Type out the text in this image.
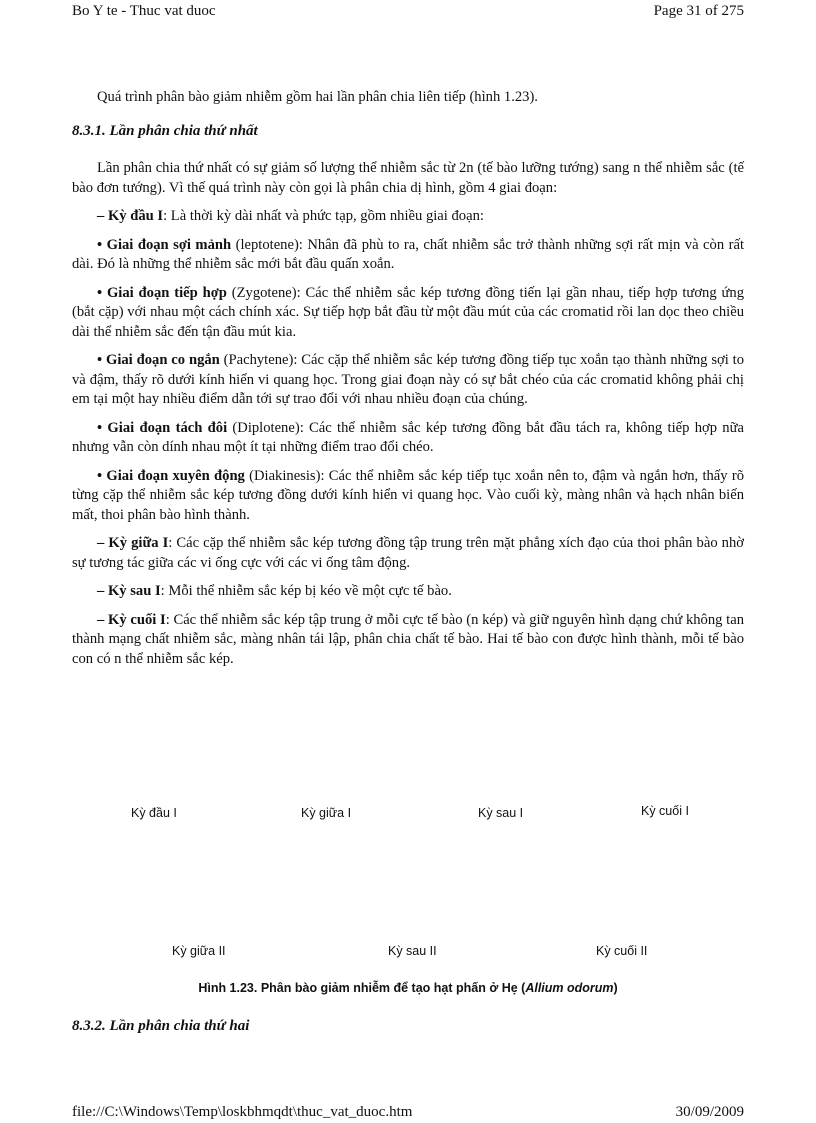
Bo Y te - Thuc vat duoc	Page 31 of 275

Quá trình phân bào giảm nhiễm gồm hai lần phân chia liên tiếp (hình 1.23).

8.3.1. Lần phân chia thứ nhất

Lần phân chia thứ nhất có sự giảm số lượng thể nhiễm sắc từ 2n (tế bào lưỡng tướng) sang n thể nhiễm sắc (tế bào đơn tướng). Vì thế quá trình này còn gọi là phân chia dị hình, gồm 4 giai đoạn:

– Kỳ đầu I: Là thời kỳ dài nhất và phức tạp, gồm nhiều giai đoạn:

• Giai đoạn sợi mảnh (leptotene): Nhân đã phù to ra, chất nhiễm sắc trở thành những sợi rất mịn và còn rất dài. Đó là những thể nhiễm sắc mới bắt đầu quấn xoắn.

• Giai đoạn tiếp hợp (Zygotene): Các thể nhiễm sắc kép tương đồng tiến lại gần nhau, tiếp hợp tương ứng (bắt cặp) với nhau một cách chính xác. Sự tiếp hợp bắt đầu từ một đầu mút của các cromatid rồi lan dọc theo chiều dài thể nhiễm sắc đến tận đầu mút kia.

• Giai đoạn co ngắn (Pachytene): Các cặp thể nhiễm sắc kép tương đồng tiếp tục xoắn tạo thành những sợi to và đậm, thấy rõ dưới kính hiển vi quang học. Trong giai đoạn này có sự bắt chéo của các cromatid không phải chị em tại một hay nhiều điểm dẫn tới sự trao đổi với nhau nhiều đoạn của chúng.

• Giai đoạn tách đôi (Diplotene): Các thể nhiễm sắc kép tương đồng bắt đầu tách ra, không tiếp hợp nữa nhưng vẫn còn dính nhau một ít tại những điểm trao đổi chéo.

• Giai đoạn xuyên động (Diakinesis): Các thể nhiễm sắc kép tiếp tục xoắn nên to, đậm và ngắn hơn, thấy rõ từng cặp thể nhiễm sắc kép tương đồng dưới kính hiển vi quang học. Vào cuối kỳ, màng nhân và hạch nhân biến mất, thoi phân bào hình thành.

– Kỳ giữa I: Các cặp thể nhiễm sắc kép tương đồng tập trung trên mặt phẳng xích đạo của thoi phân bào nhờ sự tương tác giữa các vi ống cực với các vi ống tâm động.

– Kỳ sau I: Mỗi thể nhiễm sắc kép bị kéo về một cực tế bào.

– Kỳ cuối I: Các thể nhiễm sắc kép tập trung ở mỗi cực tế bào (n kép) và giữ nguyên hình dạng chứ không tan thành mạng chất nhiễm sắc, màng nhân tái lập, phân chia chất tế bào. Hai tế bào con được hình thành, mỗi tế bào con có n thể nhiễm sắc kép.

Kỳ đầu I	Kỳ giữa I	Kỳ sau I	Kỳ cuối I
Kỳ giữa II	Kỳ sau II	Kỳ cuối II
Hình 1.23. Phân bào giảm nhiễm để tạo hạt phấn ở Hẹ (Allium odorum)
8.3.2. Lần phân chia thứ hai
file://C:\Windows\Temp\loskbhmqdt\thuc_vat_duoc.htm	30/09/2009
